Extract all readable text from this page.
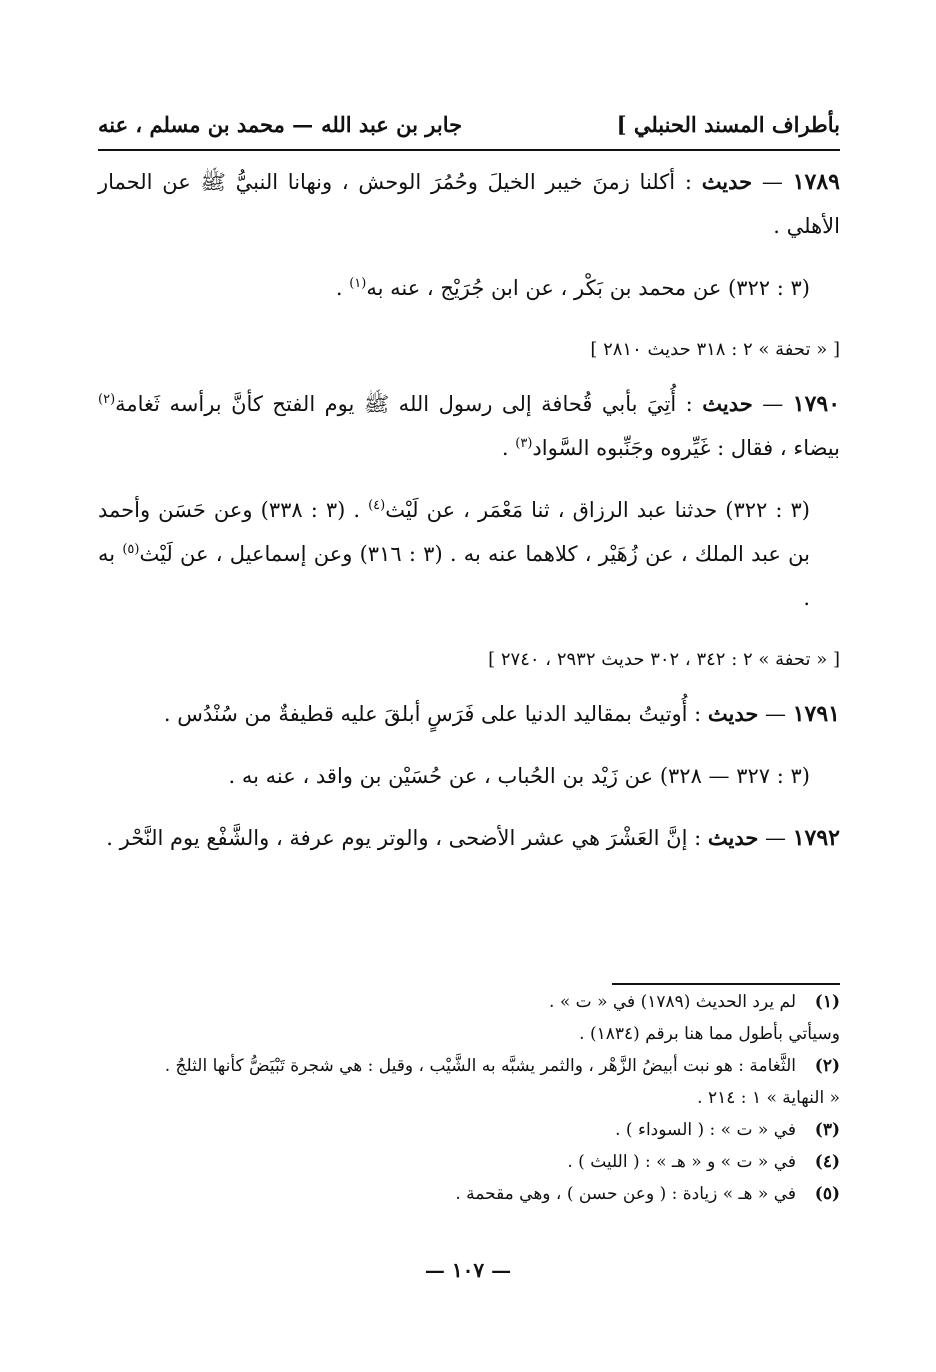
بأطراف المسند الحنبلي ]
جابر بن عبد الله
— محمد بن مسلم ، عنه

١٧٨٩ — حديث : أكلنا زمنَ خيبر الخيلَ وحُمُرَ الوحش ، ونهانا النبيُّ ﷺ عن الحمار الأهلي .

(٣ : ٣٢٢) عن محمد بن بَكْر ، عن ابن جُرَيْج ، عنه به$^{(١)}$ .

[ « تحفة » ٢ : ٣١٨ حديث ٢٨١٠ ]

١٧٩٠ — حديث : أُتِيَ بأبي قُحافة إلى رسول الله ﷺ يوم الفتح كأنَّ برأسه ثَغامة$^{(٢)}$ بيضاء ، فقال : غَيِّروه وجَنِّبوه السَّواد$^{(٣)}$ .

(٣ : ٣٢٢) حدثنا عبد الرزاق ، ثنا مَعْمَر ، عن لَيْث$^{(٤)}$ . (٣ : ٣٣٨) وعن حَسَن وأحمد بن عبد الملك ، عن زُهَيْر ، كلاهما عنه به . (٣ : ٣١٦) وعن إسماعيل ، عن لَيْث$^{(٥)}$ به .

[ « تحفة » ٢ : ٣٤٢ ، ٣٠٢ حديث ٢٩٣٢ ، ٢٧٤٠ ]

١٧٩١ — حديث : أُوتيتُ بمقاليد الدنيا على فَرَسٍ أبلقَ عليه قطيفةٌ من سُنْدُس .

(٣ : ٣٢٧ — ٣٢٨) عن زَيْد بن الحُباب ، عن حُسَيْن بن واقد ، عنه به .

١٧٩٢ — حديث : إنَّ العَشْرَ هي عشر الأضحى ، والوتر يوم عرفة ، والشَّفْع يوم النَّحْر .

(١)
لم يرد الحديث (١٧٨٩) في « ت » .
وسيأتي بأطول مما هنا برقم (١٨٣٤) .
(٢)
الثَّغامة : هو نبت أبيضُ الزَّهْر ، والثمر يشبَّه به الشَّيْب ، وقيل : هي شجرة تَبْيَضُّ كأنها الثلجُ .
« النهاية » ١ : ٢١٤ .
(٣)
في « ت » : ( السوداء ) .
(٤)
في « ت » و « هـ » : ( الليث ) .
(٥)
في « هـ » زيادة : ( وعن حسن ) ، وهي مقحمة .
— ١٠٧ —
